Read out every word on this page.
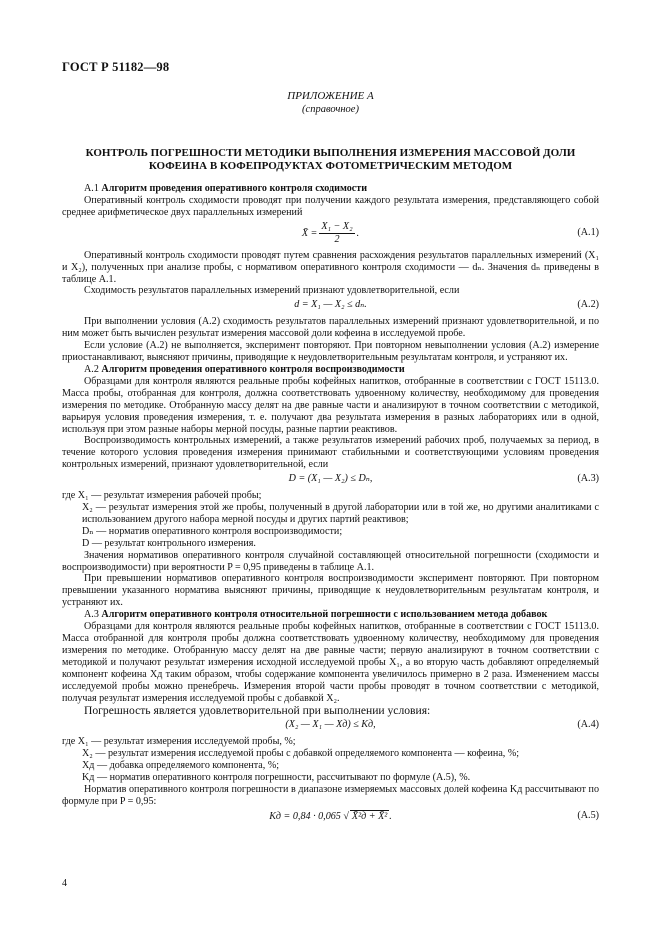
ГОСТ Р 51182—98
ПРИЛОЖЕНИЕ А
(справочное)
КОНТРОЛЬ ПОГРЕШНОСТИ МЕТОДИКИ ВЫПОЛНЕНИЯ ИЗМЕРЕНИЯ МАССОВОЙ ДОЛИ
КОФЕИНА В КОФЕПРОДУКТАХ ФОТОМЕТРИЧЕСКИМ МЕТОДОМ

А.1 Алгоритм проведения оперативного контроля сходимости

Оперативный контроль сходимости проводят при получении каждого результата измерения, представляющего собой среднее арифметическое двух параллельных измерений

X̄ = $\frac{\text{X₁ − X₂}}{2}$ .	(А.1)

Оперативный контроль сходимости проводят путем сравнения расхождения результатов параллельных измерений (X₁ и X₂), полученных при анализе пробы, с нормативом оперативного контроля сходимости — dₙ. Значения dₙ приведены в таблице А.1.

Сходимость результатов параллельных измерений признают удовлетворительной, если

d = X₁ — X₂ ≤ dₙ.	(А.2)

При выполнении условия (А.2) сходимость результатов параллельных измерений признают удовлетворительной, и по ним может быть вычислен результат измерения массовой доли кофеина в исследуемой пробе.

Если условие (А.2) не выполняется, эксперимент повторяют. При повторном невыполнении условия (А.2) измерение приостанавливают, выясняют причины, приводящие к неудовлетворительным результатам контроля, и устраняют их.

А.2 Алгоритм проведения оперативного контроля воспроизводимости

Образцами для контроля являются реальные пробы кофейных напитков, отобранные в соответствии с ГОСТ 15113.0. Масса пробы, отобранная для контроля, должна соответствовать удвоенному количеству, необходимому для проведения измерения по методике. Отобранную массу делят на две равные части и анализируют в точном соответствии с методикой, варьируя условия проведения измерения, т. е. получают два результата измерения в разных лабораториях или в одной, используя при этом разные наборы мерной посуды, разные партии реактивов.

Воспроизводимость контрольных измерений, а также результатов измерений рабочих проб, получаемых за период, в течение которого условия проведения измерения принимают стабильными и соответствующими условиям проведения контрольных измерений, признают удовлетворительной, если

D = (X₁ — X₂) ≤ Dₙ,	(А.3)

где X₁ — результат измерения рабочей пробы;

X₂ — результат измерения этой же пробы, полученный в другой лаборатории или в той же, но другими аналитиками с использованием другого набора мерной посуды и других партий реактивов;

Dₙ — норматив оперативного контроля воспроизводимости;

D — результат контрольного измерения.

Значения нормативов оперативного контроля случайной составляющей относительной погрешности (сходимости и воспроизводимости) при вероятности P = 0,95 приведены в таблице А.1.

При превышении нормативов оперативного контроля воспроизводимости эксперимент повторяют. При повторном превышении указанного норматива выясняют причины, приводящие к неудовлетворительным результатам контроля, и устраняют их.

А.3 Алгоритм оперативного контроля относительной погрешности с использованием метода добавок

Образцами для контроля являются реальные пробы кофейных напитков, отобранные в соответствии с ГОСТ 15113.0. Масса отобранной для контроля пробы должна соответствовать удвоенному количеству, необходимому для проведения измерения по методике. Отобранную массу делят на две равные части; первую анализируют в точном соответствии с методикой и получают результат измерения исходной исследуемой пробы X₁, а во вторую часть добавляют определяемый компонент кофеина Xд таким образом, чтобы содержание компонента увеличилось примерно в 2 раза. Изменением массы исследуемой пробы можно пренебречь. Измерения второй части пробы проводят в точном соответствии с методикой, получая результат измерения исследуемой пробы с добавкой X₂.

Погрешность является удовлетворительной при выполнении условия:

(X₂ — X₁ — Xд) ≤ Kд,	(А.4)

где X₁ — результат измерения исследуемой пробы, %;

X₂ — результат измерения исследуемой пробы с добавкой определяемого компонента — кофеина, %;

Xд — добавка определяемого компонента, %;

Kд — норматив оперативного контроля погрешности, рассчитывают по формуле (А.5), %.

Норматив оперативного контроля погрешности в диапазоне измеряемых массовых долей кофеина Kд рассчитывают по формуле при P = 0,95:

Kд = 0,84 · 0,065 √ X̄²д + X̄² .	(А.5)
4
